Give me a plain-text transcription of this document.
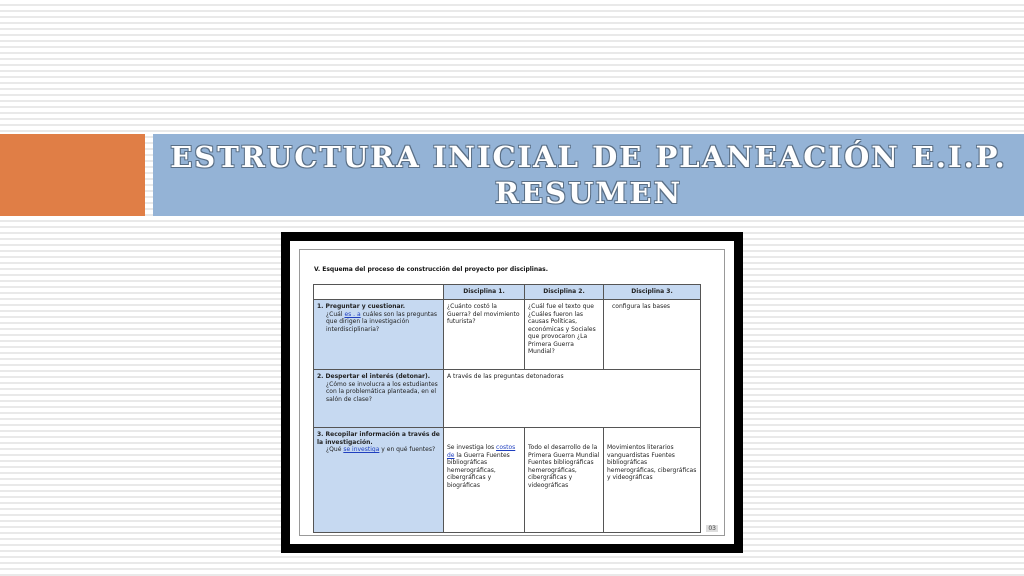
ESTRUCTURA INICIAL DE PLANEACIÓN E.I.P.
RESUMEN
V. Esquema del proceso de construcción del proyecto por disciplinas.
	Disciplina 1.	Disciplina 2.	Disciplina 3.

1. Preguntar y cuestionar.
¿Cuál es . a cuáles son las preguntas que dirigen la investigación interdisciplinaria?	¿Cuánto costó la Guerra? del movimiento futurista?	¿Cuál fue el texto que ¿Cuáles fueron las causas Políticas, económicas y Sociales que provocaron ¿La Primera Guerra Mundial?	configura las bases

2. Despertar el interés (detonar).
¿Cómo se involucra a los estudiantes con la problemática planteada, en el salón de clase?	A través de las preguntas detonadoras		

3. Recopilar información a través de la investigación.
¿Qué se investiga y en qué fuentes?	Se investiga los costos de la Guerra Fuentes bibliográficas hemerográficas, cibergráficas y biográficas	Todo el desarrollo de la Primera Guerra Mundial Fuentes bibliográficas hemerográficas, cibergráficas y videográficas	Movimientos literarios vanguardistas Fuentes bibliográficas hemerográficas, cibergráficas y videográficas
03
